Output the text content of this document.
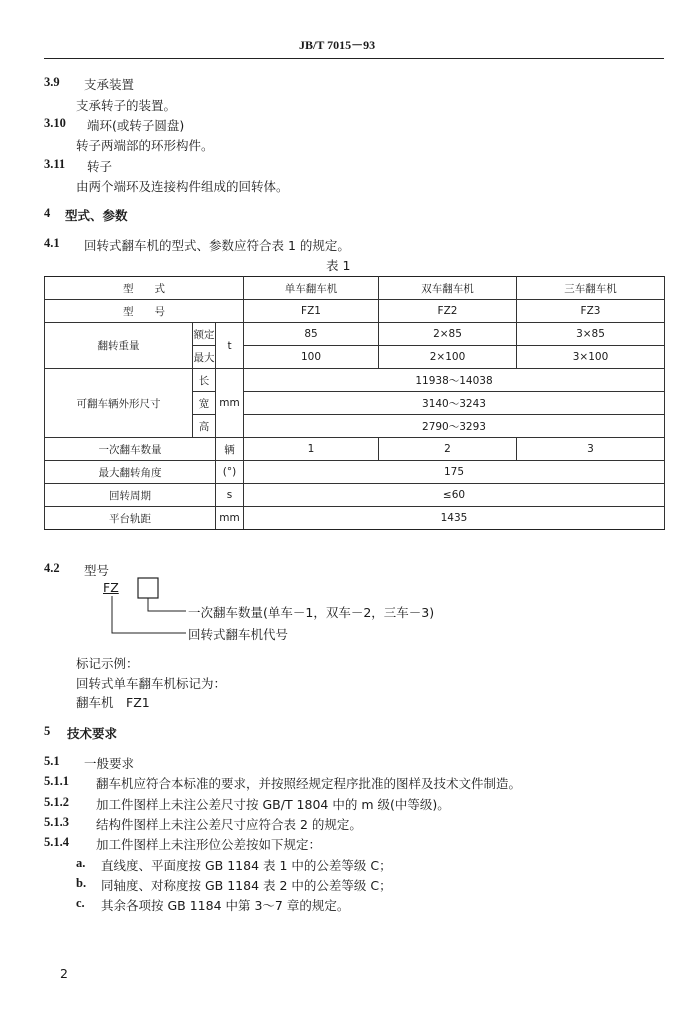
JB/T 7015－93
3.9 支承装置
支承转子的装置。
3.10 端环(或转子圆盘)
转子两端部的环形构件。
3.11 转子
由两个端环及连接构件组成的回转体。
4 型式、参数
4.1 回转式翻车机的型式、参数应符合表 1 的规定。
表 1
型　　式			单车翻车机	双车翻车机	三车翻车机
型　　号			FZ1	FZ2	FZ3
翻转重量	额定	t	85	2×85	3×85
	最大		100	2×100	3×100
可翻车辆外形尺寸	长	mm	11938～14038		
	宽		3140～3243		
	高		2790～3293		
一次翻车数量		辆	1	2	3
最大翻转角度		(°)	175		
回转周期		s	≤60		
平台轨距		mm	1435		
4.2 型号
FZ
一次翻车数量(单车－1，双车－2，三车－3)
回转式翻车机代号
标记示例：
回转式单车翻车机标记为：
翻车机　FZ1
5 技术要求
5.1 一般要求
5.1.1 翻车机应符合本标准的要求，并按照经规定程序批准的图样及技术文件制造。
5.1.2 加工件图样上未注公差尺寸按 GB/T 1804 中的 m 级(中等级)。
5.1.3 结构件图样上未注公差尺寸应符合表 2 的规定。
5.1.4 加工件图样上未注形位公差按如下规定：
a. 直线度、平面度按 GB 1184 表 1 中的公差等级 C；
b. 同轴度、对称度按 GB 1184 表 2 中的公差等级 C；
c. 其余各项按 GB 1184 中第 3～7 章的规定。
2
